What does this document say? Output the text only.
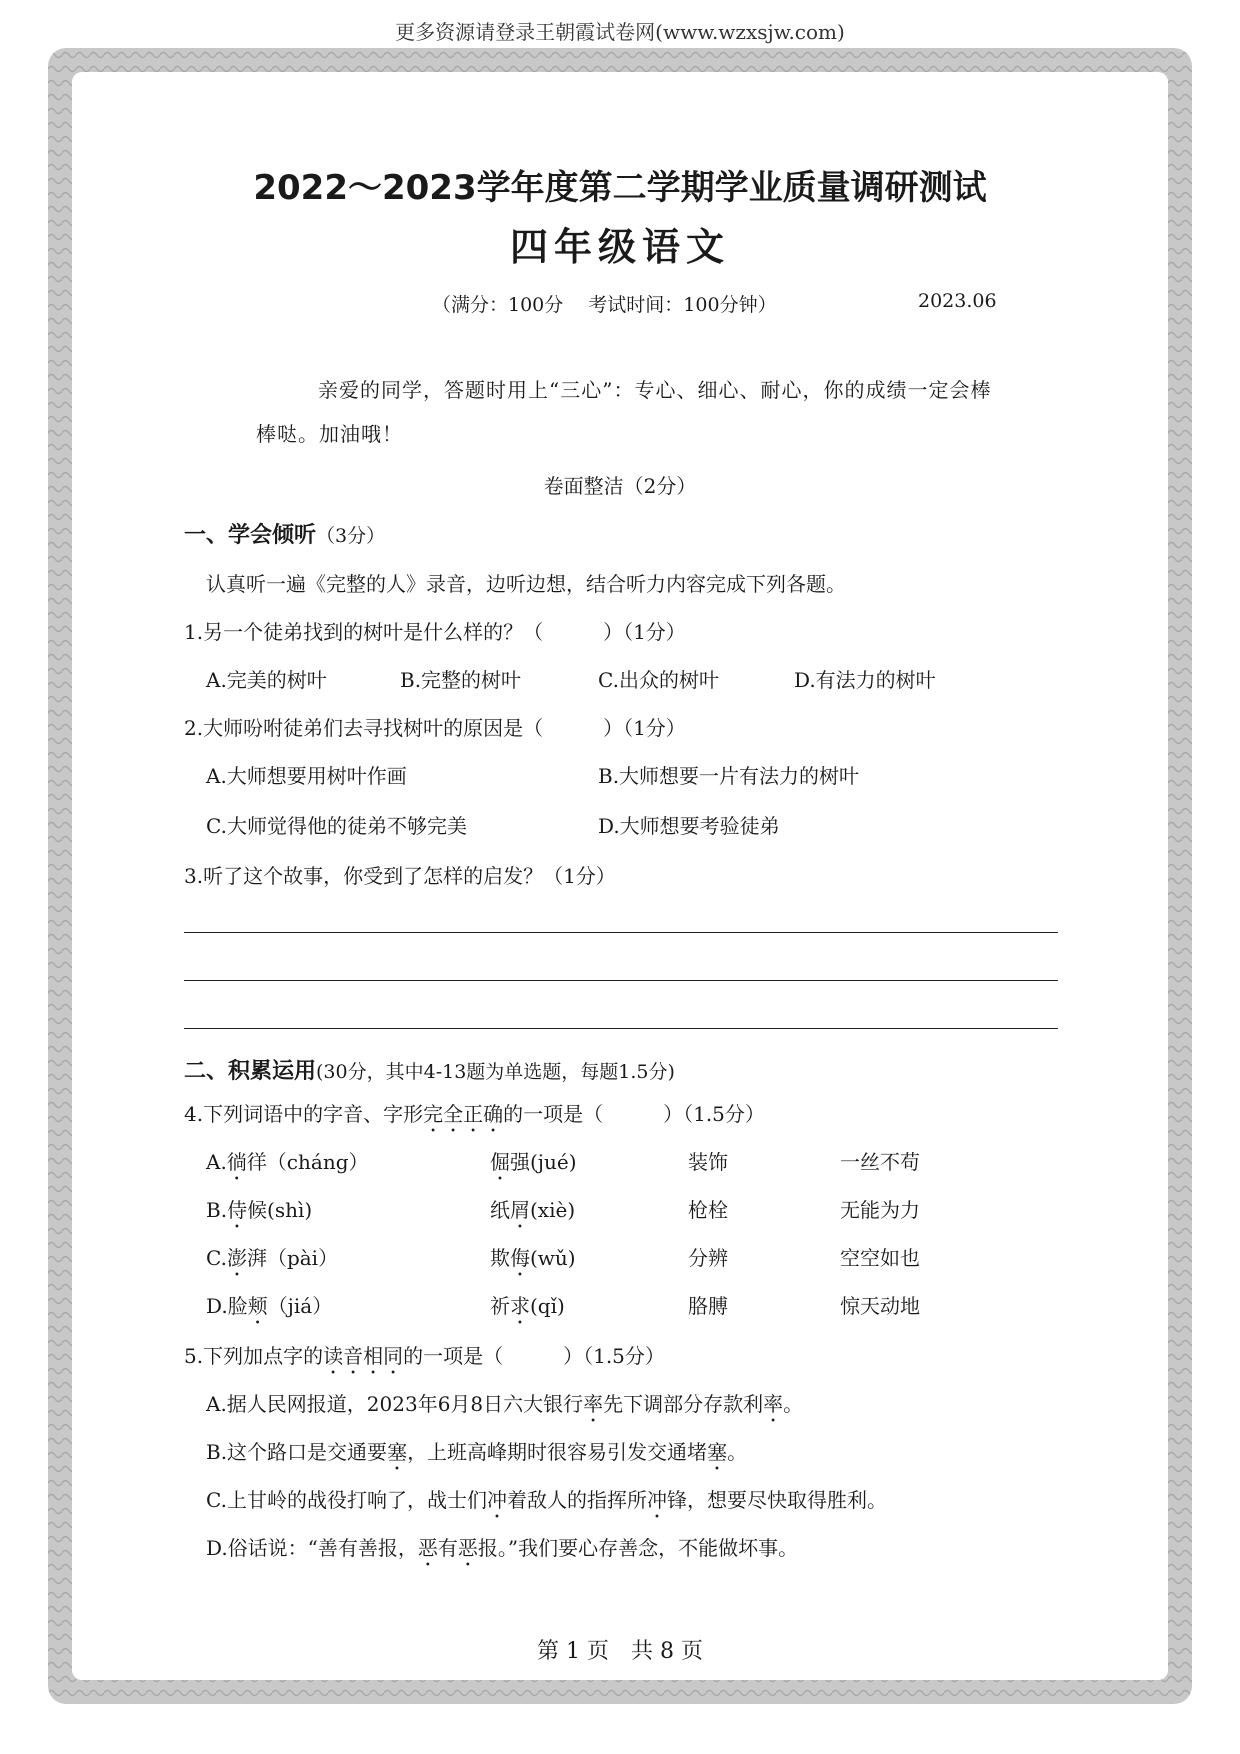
更多资源请登录王朝霞试卷网(www.wzxsjw.com)
2022～2023学年度第二学期学业质量调研测试
四年级语文
（满分：100分　 考试时间：100分钟）	2023.06
亲爱的同学，答题时用上“三心”：专心、细心、耐心，你的成绩一定会棒
棒哒。加油哦！
卷面整洁（2分）
一、学会倾听（3分）
认真听一遍《完整的人》录音，边听边想，结合听力内容完成下列各题。
1.另一个徒弟找到的树叶是什么样的？（　　　）（1分）
A.完美的树叶	B.完整的树叶	C.出众的树叶	D.有法力的树叶
2.大师吩咐徒弟们去寻找树叶的原因是（　　　）（1分）
A.大师想要用树叶作画	B.大师想要一片有法力的树叶
C.大师觉得他的徒弟不够完美	D.大师想要考验徒弟
3.听了这个故事，你受到了怎样的启发？（1分）
二、积累运用(30分，其中4-13题为单选题，每题1.5分)
4.下列词语中的字音、字形完全正确的一项是（　　　）（1.5分）
A.徜徉（cháng）	倔强(jué)	装饰	一丝不苟
B.侍候(shì)	纸屑(xiè)	枪栓	无能为力
C.澎湃（pài）	欺侮(wǔ)	分辨	空空如也
D.脸颊（jiá）	祈求(qǐ)	胳膊	惊天动地
5.下列加点字的读音相同的一项是（　　　）（1.5分）
A.据人民网报道，2023年6月8日六大银行率先下调部分存款利率。
B.这个路口是交通要塞，上班高峰期时很容易引发交通堵塞。
C.上甘岭的战役打响了，战士们冲着敌人的指挥所冲锋，想要尽快取得胜利。
D.俗话说：“善有善报，恶有恶报。”我们要心存善念，不能做坏事。
第 1 页　共 8 页
